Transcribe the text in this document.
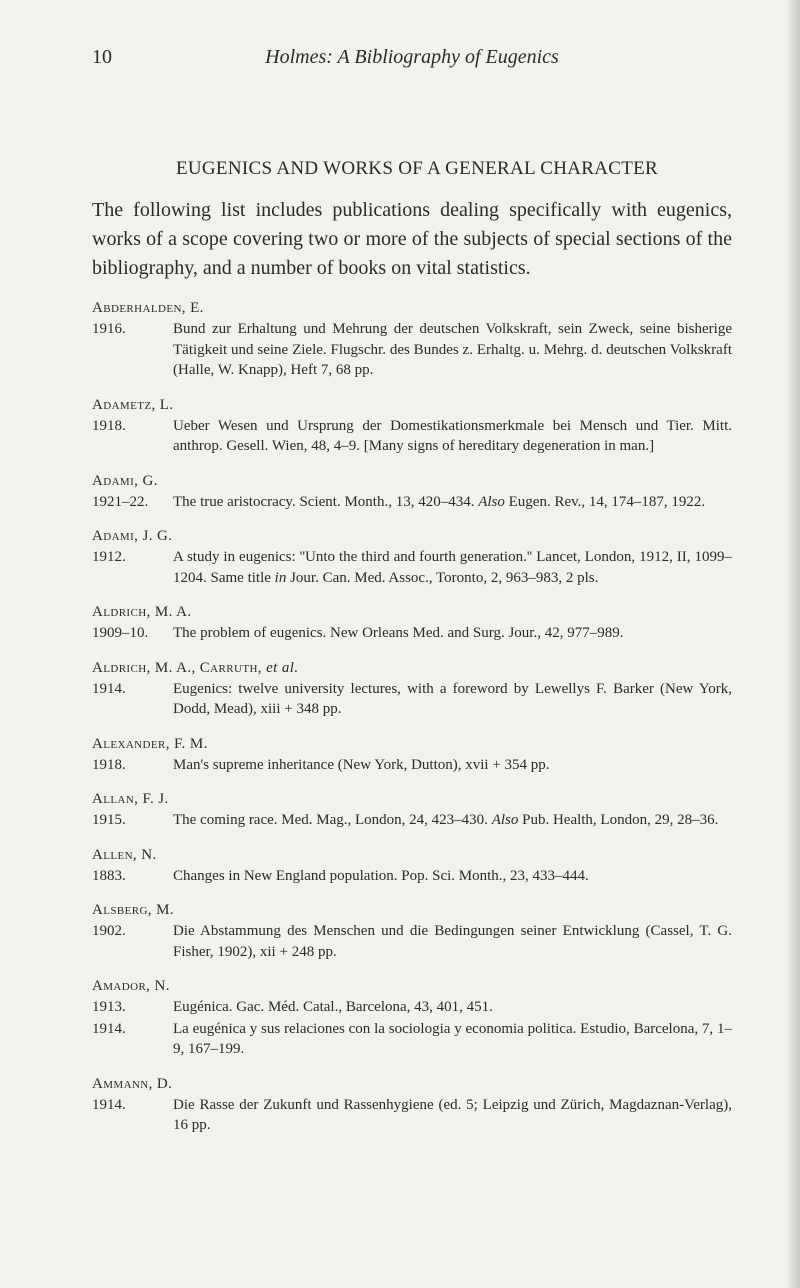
10	Holmes: A Bibliography of Eugenics
EUGENICS AND WORKS OF A GENERAL CHARACTER
The following list includes publications dealing specifically with eugenics, works of a scope covering two or more of the subjects of special sections of the bibliography, and a number of books on vital statistics.
Abderhalden, E.
1916.	Bund zur Erhaltung und Mehrung der deutschen Volkskraft, sein Zweck, seine bisherige Tätigkeit und seine Ziele. Flugschr. des Bundes z. Erhaltg. u. Mehrg. d. deutschen Volkskraft (Halle, W. Knapp), Heft 7, 68 pp.
Adametz, L.
1918.	Ueber Wesen und Ursprung der Domestikationsmerkmale bei Mensch und Tier. Mitt. anthrop. Gesell. Wien, 48, 4–9. [Many signs of hereditary degeneration in man.]
Adami, G.
1921–22. The true aristocracy. Scient. Month., 13, 420–434. Also Eugen. Rev., 14, 174–187, 1922.
Adami, J. G.
1912.	A study in eugenics: ''Unto the third and fourth generation.'' Lancet, London, 1912, II, 1099–1204. Same title in Jour. Can. Med. Assoc., Toronto, 2, 963–983, 2 pls.
Aldrich, M. A.
1909–10. The problem of eugenics. New Orleans Med. and Surg. Jour., 42, 977–989.
Aldrich, M. A., Carruth, et al.
1914.	Eugenics: twelve university lectures, with a foreword by Lewellys F. Barker (New York, Dodd, Mead), xiii + 348 pp.
Alexander, F. M.
1918.	Man's supreme inheritance (New York, Dutton), xvii + 354 pp.
Allan, F. J.
1915.	The coming race. Med. Mag., London, 24, 423–430. Also Pub. Health, London, 29, 28–36.
Allen, N.
1883.	Changes in New England population. Pop. Sci. Month., 23, 433–444.
Alsberg, M.
1902.	Die Abstammung des Menschen und die Bedingungen seiner Entwicklung (Cassel, T. G. Fisher, 1902), xii + 248 pp.
Amador, N.
1913.	Eugénica. Gac. Méd. Catal., Barcelona, 43, 401, 451.
1914.	La eugénica y sus relaciones con la sociologia y economia politica. Estudio, Barcelona, 7, 1–9, 167–199.
Ammann, D.
1914.	Die Rasse der Zukunft und Rassenhygiene (ed. 5; Leipzig und Zürich, Magdaznan-Verlag), 16 pp.
